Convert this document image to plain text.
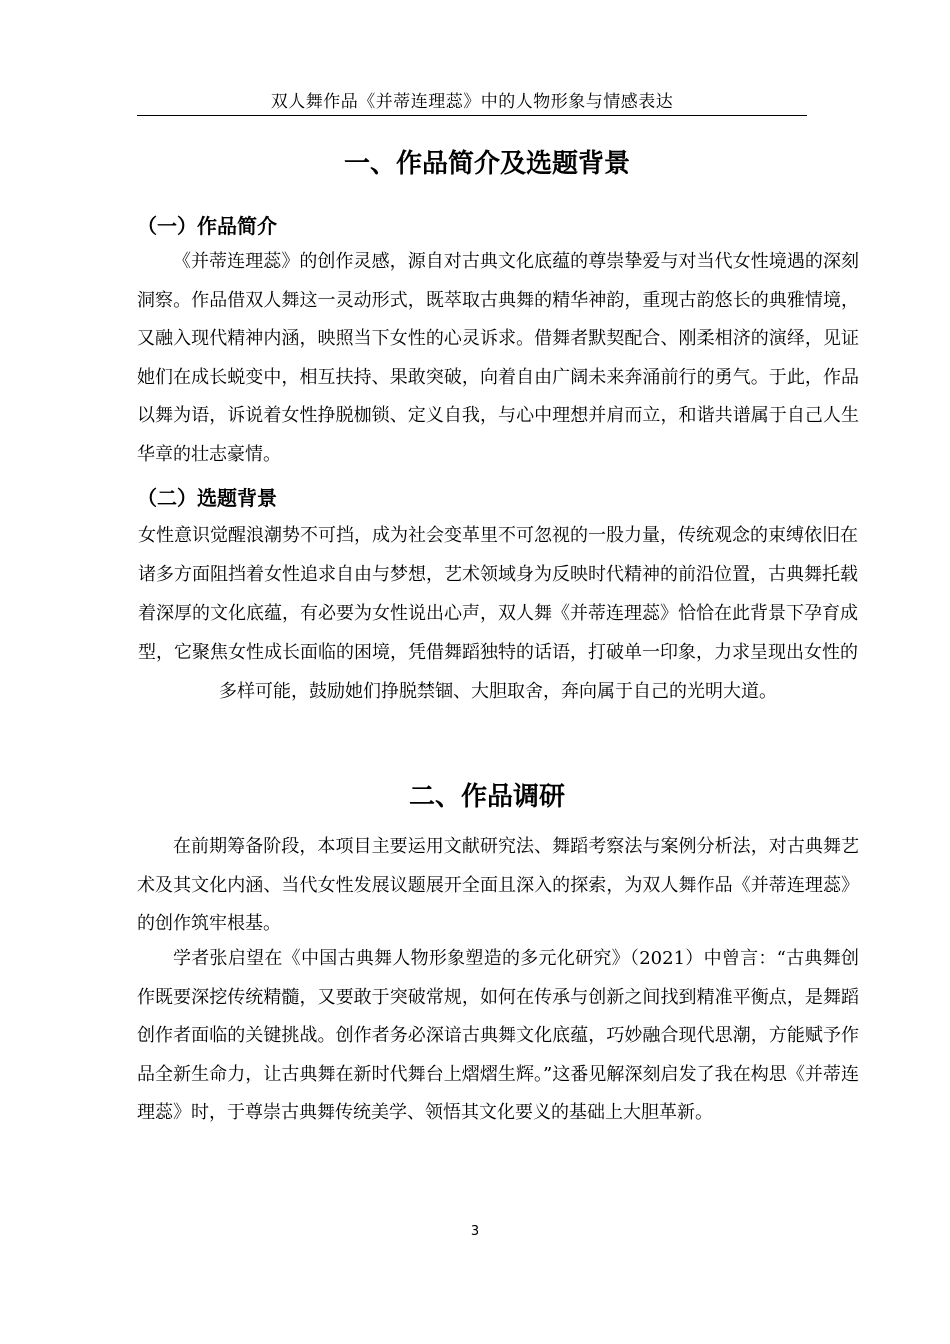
双人舞作品《并蒂连理蕊》中的人物形象与情感表达
一、作品简介及选题背景
（一）作品简介

《并蒂连理蕊》的创作灵感，源自对古典文化底蕴的尊崇挚爱与对当代女性境遇的深刻洞察。作品借双人舞这一灵动形式，既萃取古典舞的精华神韵，重现古韵悠长的典雅情境，又融入现代精神内涵，映照当下女性的心灵诉求。借舞者默契配合、刚柔相济的演绎，见证她们在成长蜕变中，相互扶持、果敢突破，向着自由广阔未来奔涌前行的勇气。于此，作品以舞为语，诉说着女性挣脱枷锁、定义自我，与心中理想并肩而立，和谐共谱属于自己人生华章的壮志豪情。

（二）选题背景

女性意识觉醒浪潮势不可挡，成为社会变革里不可忽视的一股力量，传统观念的束缚依旧在诸多方面阻挡着女性追求自由与梦想，艺术领域身为反映时代精神的前沿位置，古典舞托载着深厚的文化底蕴，有必要为女性说出心声，双人舞《并蒂连理蕊》恰恰在此背景下孕育成型，它聚焦女性成长面临的困境，凭借舞蹈独特的话语，打破单一印象，力求呈现出女性的多样可能，鼓励她们挣脱禁锢、大胆取舍，奔向属于自己的光明大道。

二、作品调研

在前期筹备阶段，本项目主要运用文献研究法、舞蹈考察法与案例分析法，对古典舞艺术及其文化内涵、当代女性发展议题展开全面且深入的探索，为双人舞作品《并蒂连理蕊》的创作筑牢根基。

学者张启望在《中国古典舞人物形象塑造的多元化研究》（2021）中曾言：“古典舞创作既要深挖传统精髓，又要敢于突破常规，如何在传承与创新之间找到精准平衡点，是舞蹈创作者面临的关键挑战。创作者务必深谙古典舞文化底蕴，巧妙融合现代思潮，方能赋予作品全新生命力，让古典舞在新时代舞台上熠熠生辉。”这番见解深刻启发了我在构思《并蒂连理蕊》时，于尊崇古典舞传统美学、领悟其文化要义的基础上大胆革新。

3
